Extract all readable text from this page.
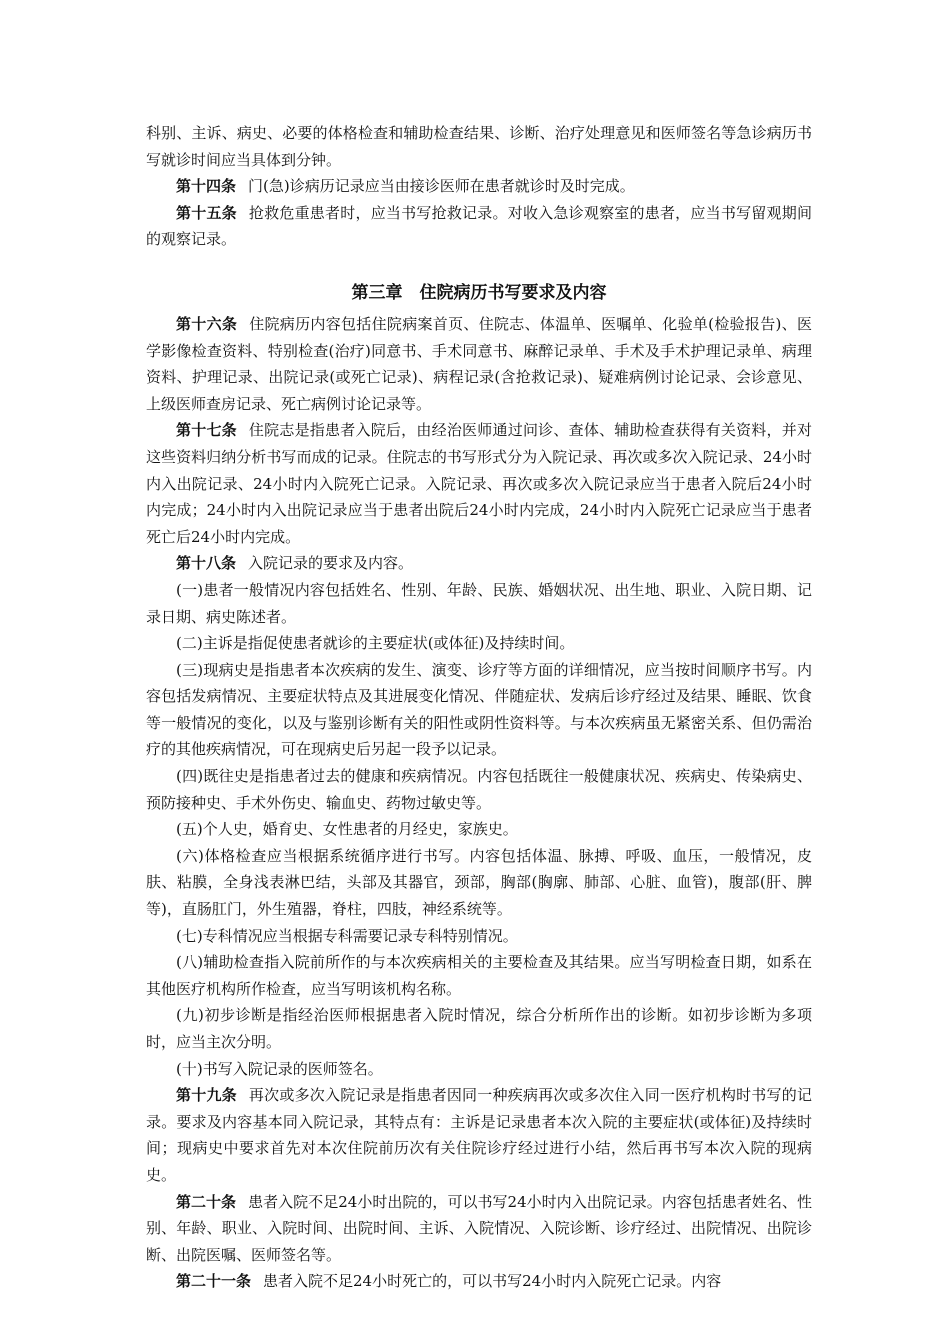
科别、主诉、病史、必要的体格检查和辅助检查结果、诊断、治疗处理意见和医师签名等急诊病历书写就诊时间应当具体到分钟。

第十四条 门(急)诊病历记录应当由接诊医师在患者就诊时及时完成。

第十五条 抢救危重患者时，应当书写抢救记录。对收入急诊观察室的患者，应当书写留观期间的观察记录。

第三章　住院病历书写要求及内容

第十六条 住院病历内容包括住院病案首页、住院志、体温单、医嘱单、化验单(检验报告)、医学影像检查资料、特别检查(治疗)同意书、手术同意书、麻醉记录单、手术及手术护理记录单、病理资料、护理记录、出院记录(或死亡记录)、病程记录(含抢救记录)、疑难病例讨论记录、会诊意见、上级医师查房记录、死亡病例讨论记录等。

第十七条 住院志是指患者入院后，由经治医师通过问诊、查体、辅助检查获得有关资料，并对这些资料归纳分析书写而成的记录。住院志的书写形式分为入院记录、再次或多次入院记录、24小时内入出院记录、24小时内入院死亡记录。入院记录、再次或多次入院记录应当于患者入院后24小时内完成；24小时内入出院记录应当于患者出院后24小时内完成，24小时内入院死亡记录应当于患者死亡后24小时内完成。

第十八条 入院记录的要求及内容。

(一)患者一般情况内容包括姓名、性别、年龄、民族、婚姻状况、出生地、职业、入院日期、记录日期、病史陈述者。

(二)主诉是指促使患者就诊的主要症状(或体征)及持续时间。

(三)现病史是指患者本次疾病的发生、演变、诊疗等方面的详细情况，应当按时间顺序书写。内容包括发病情况、主要症状特点及其进展变化情况、伴随症状、发病后诊疗经过及结果、睡眠、饮食等一般情况的变化，以及与鉴别诊断有关的阳性或阴性资料等。与本次疾病虽无紧密关系、但仍需治疗的其他疾病情况，可在现病史后另起一段予以记录。

(四)既往史是指患者过去的健康和疾病情况。内容包括既往一般健康状况、疾病史、传染病史、预防接种史、手术外伤史、输血史、药物过敏史等。

(五)个人史，婚育史、女性患者的月经史，家族史。

(六)体格检查应当根据系统循序进行书写。内容包括体温、脉搏、呼吸、血压，一般情况，皮肤、粘膜，全身浅表淋巴结，头部及其器官，颈部，胸部(胸廓、肺部、心脏、血管)，腹部(肝、脾等)，直肠肛门，外生殖器，脊柱，四肢，神经系统等。

(七)专科情况应当根据专科需要记录专科特别情况。

(八)辅助检查指入院前所作的与本次疾病相关的主要检查及其结果。应当写明检查日期，如系在其他医疗机构所作检查，应当写明该机构名称。

(九)初步诊断是指经治医师根据患者入院时情况，综合分析所作出的诊断。如初步诊断为多项时，应当主次分明。

(十)书写入院记录的医师签名。

第十九条 再次或多次入院记录是指患者因同一种疾病再次或多次住入同一医疗机构时书写的记录。要求及内容基本同入院记录，其特点有：主诉是记录患者本次入院的主要症状(或体征)及持续时间；现病史中要求首先对本次住院前历次有关住院诊疗经过进行小结，然后再书写本次入院的现病史。

第二十条 患者入院不足24小时出院的，可以书写24小时内入出院记录。内容包括患者姓名、性别、年龄、职业、入院时间、出院时间、主诉、入院情况、入院诊断、诊疗经过、出院情况、出院诊断、出院医嘱、医师签名等。

第二十一条 患者入院不足24小时死亡的，可以书写24小时内入院死亡记录。内容
